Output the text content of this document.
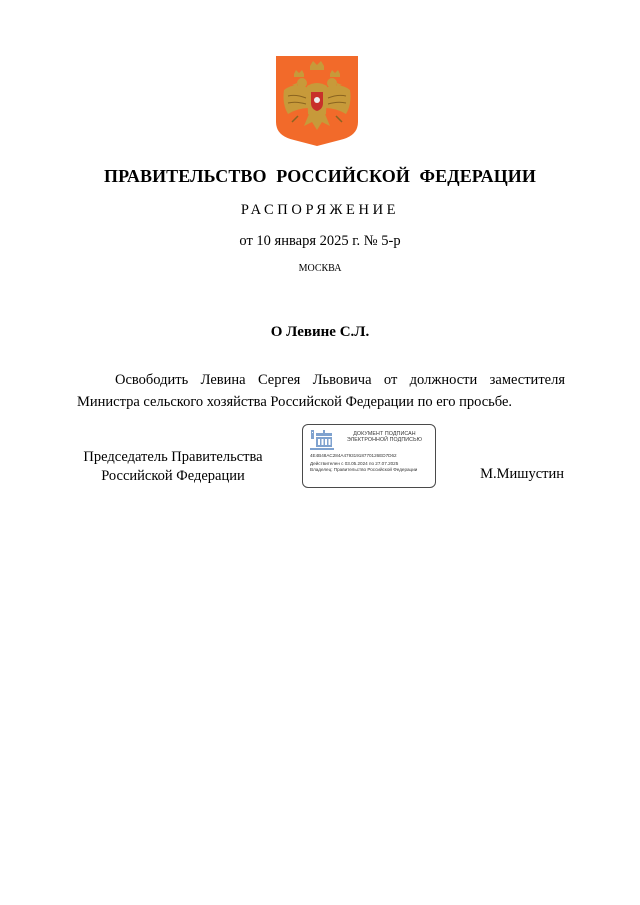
ПРАВИТЕЛЬСТВО РОССИЙСКОЙ ФЕДЕРАЦИИ
РАСПОРЯЖЕНИЕ
от 10 января 2025 г. № 5-р
МОСКВА
О Левине С.Л.

Освободить Левина Сергея Львовича от должности заместителя Министра сельского хозяйства Российской Федерации по его просьбе.

Председатель Правительства Российской Федерации
ДОКУМЕНТ ПОДПИСАН ЭЛЕКТРОННОЙ ПОДПИСЬЮ
4E4B48AC284A47931918770126ED7D62
Действителен с 03.05.2024 по 27.07.2025
Владелец: Правительство Российской Федерации	М.Мишустин
